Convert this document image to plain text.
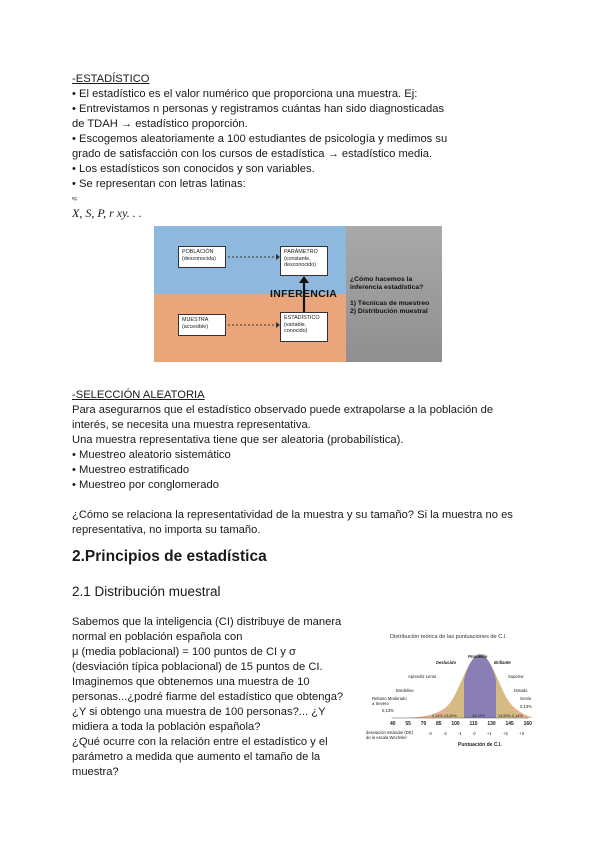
-ESTADÍSTICO
• El estadístico es el valor numérico que proporciona una muestra. Ej:
• Entrevistamos n personas y registramos cuántas han sido diagnosticadas
de TDAH → estadístico proporción.
• Escogemos aleatoriamente a 100 estudiantes de psicología y medimos su
grado de satisfacción con los cursos de estadística → estadístico media.
• Los estadísticos son conocidos y son variables.
• Se representan con letras latinas:
ᵉᵍ
X, S, P, r xy. . .
POBLACIÓN
(desconocida)
PARÁMETRO
(constante,
desconocido)
MUESTRA
(accesible)
ESTADÍSTICO
(variable,
conocido)
INFERENCIA
¿Cómo hacemos la
inferencia estadística?
1) Técnicas de muestreo
2) Distribución muestral
-SELECCIÓN ALEATORIA
Para asegurarnos que el estadístico observado puede extrapolarse a la población de
interés, se necesita una muestra representativa.
Una muestra representativa tiene que ser aleatoria (probabilística).
• Muestreo aleatorio sistemático
• Muestreo estratificado
• Muestreo por conglomerado
¿Cómo se relaciona la representatividad de la muestra y su tamaño? Si la muestra no es
representativa, no importa su tamaño.
2.Principios de estadística
2.1 Distribución muestral
Sabemos que la inteligencia (CI) distribuye de manera
normal en población española con
μ (media poblacional) = 100 puntos de CI y σ
(desviación típica poblacional) de 15 puntos de CI.
Imaginemos que obtenemos una muestra de 10
personas...¿podré fiarme del estadístico que obtenga?
¿Y si obtengo una muestra de 100 personas?... ¿Y
midiera a toda la población española?
¿Qué ocurre con la relación entre el estadístico y el
parámetro a medida que aumento el tamaño de la
muestra?
Distribución teórica de las puntuaciones de C.I.
Promedio
Deslucido	Brillante
Aprendiz Lento	Superior
Bordeline	Dotado
Retraso Moderado a Severo
Genio
0,13%
0,13%
2,14% 13,59%	34,13%	13,59% 2,14%
40 55 70 85 100 115 130 145 160
desviación estándar (DE)
de la escala Wechsler
-3	-2	-1	0	+1	+2	+3
Puntuación de C.I.
